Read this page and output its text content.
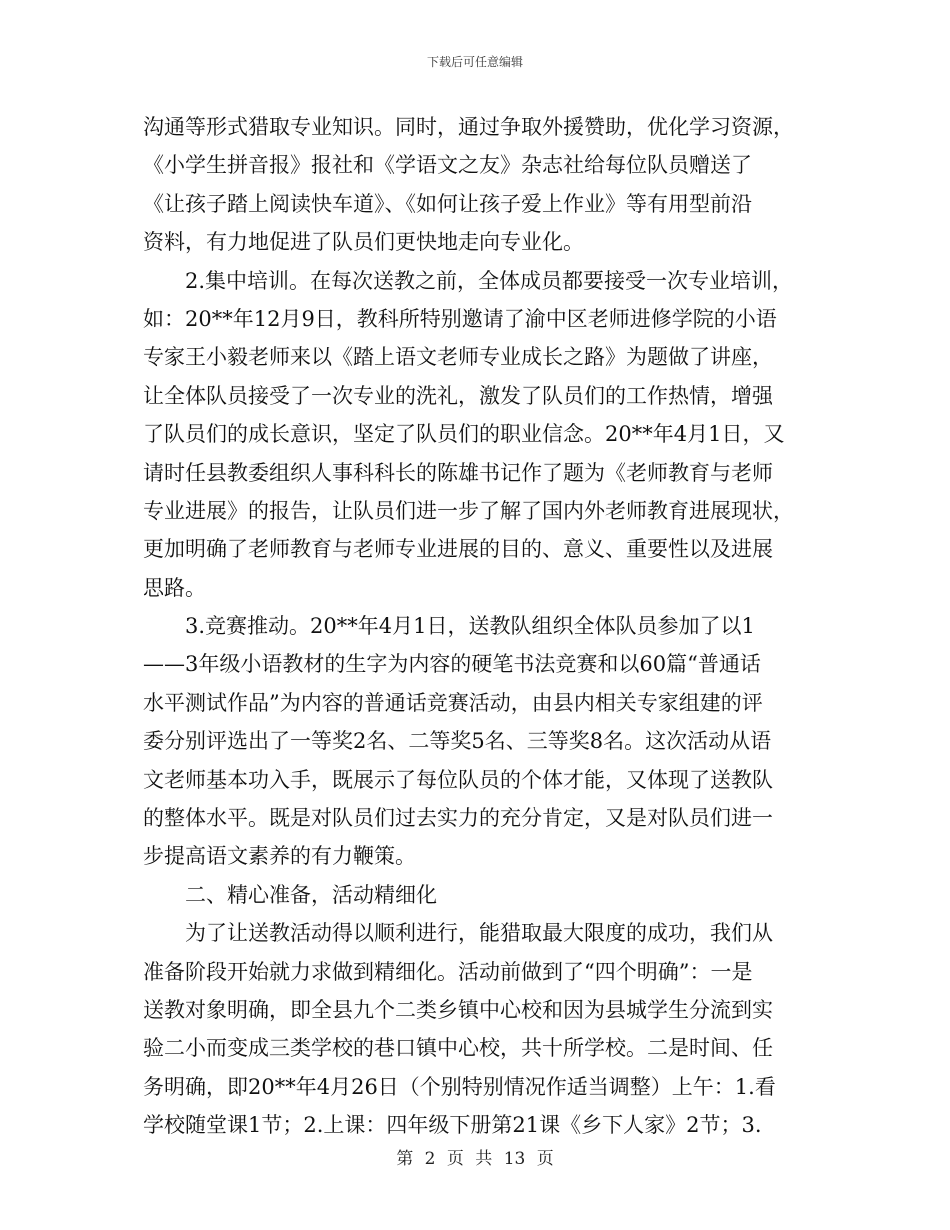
下载后可任意编辑
沟通等形式猎取专业知识。同时，通过争取外援赞助，优化学习资源，
《小学生拼音报》报社和《学语文之友》杂志社给每位队员赠送了
《让孩子踏上阅读快车道》、《如何让孩子爱上作业》等有用型前沿
资料，有力地促进了队员们更快地走向专业化。
2.集中培训。在每次送教之前，全体成员都要接受一次专业培训，
如：20**年12月9日，教科所特别邀请了渝中区老师进修学院的小语
专家王小毅老师来以《踏上语文老师专业成长之路》为题做了讲座，
让全体队员接受了一次专业的洗礼，激发了队员们的工作热情，增强
了队员们的成长意识，坚定了队员们的职业信念。20**年4月1日，又
请时任县教委组织人事科科长的陈雄书记作了题为《老师教育与老师
专业进展》的报告，让队员们进一步了解了国内外老师教育进展现状，
更加明确了老师教育与老师专业进展的目的、意义、重要性以及进展
思路。
3.竞赛推动。20**年4月1日，送教队组织全体队员参加了以1
——3年级小语教材的生字为内容的硬笔书法竞赛和以60篇“普通话
水平测试作品”为内容的普通话竞赛活动，由县内相关专家组建的评
委分别评选出了一等奖2名、二等奖5名、三等奖8名。这次活动从语
文老师基本功入手，既展示了每位队员的个体才能，又体现了送教队
的整体水平。既是对队员们过去实力的充分肯定，又是对队员们进一
步提高语文素养的有力鞭策。
二、精心准备，活动精细化
为了让送教活动得以顺利进行，能猎取最大限度的成功，我们从
准备阶段开始就力求做到精细化。活动前做到了“四个明确”：一是
送教对象明确，即全县九个二类乡镇中心校和因为县城学生分流到实
验二小而变成三类学校的巷口镇中心校，共十所学校。二是时间、任
务明确，即20**年4月26日（个别特别情况作适当调整）上午：1.看
学校随堂课1节；2.上课：四年级下册第21课《乡下人家》2节；3.
第 2 页 共 13 页
